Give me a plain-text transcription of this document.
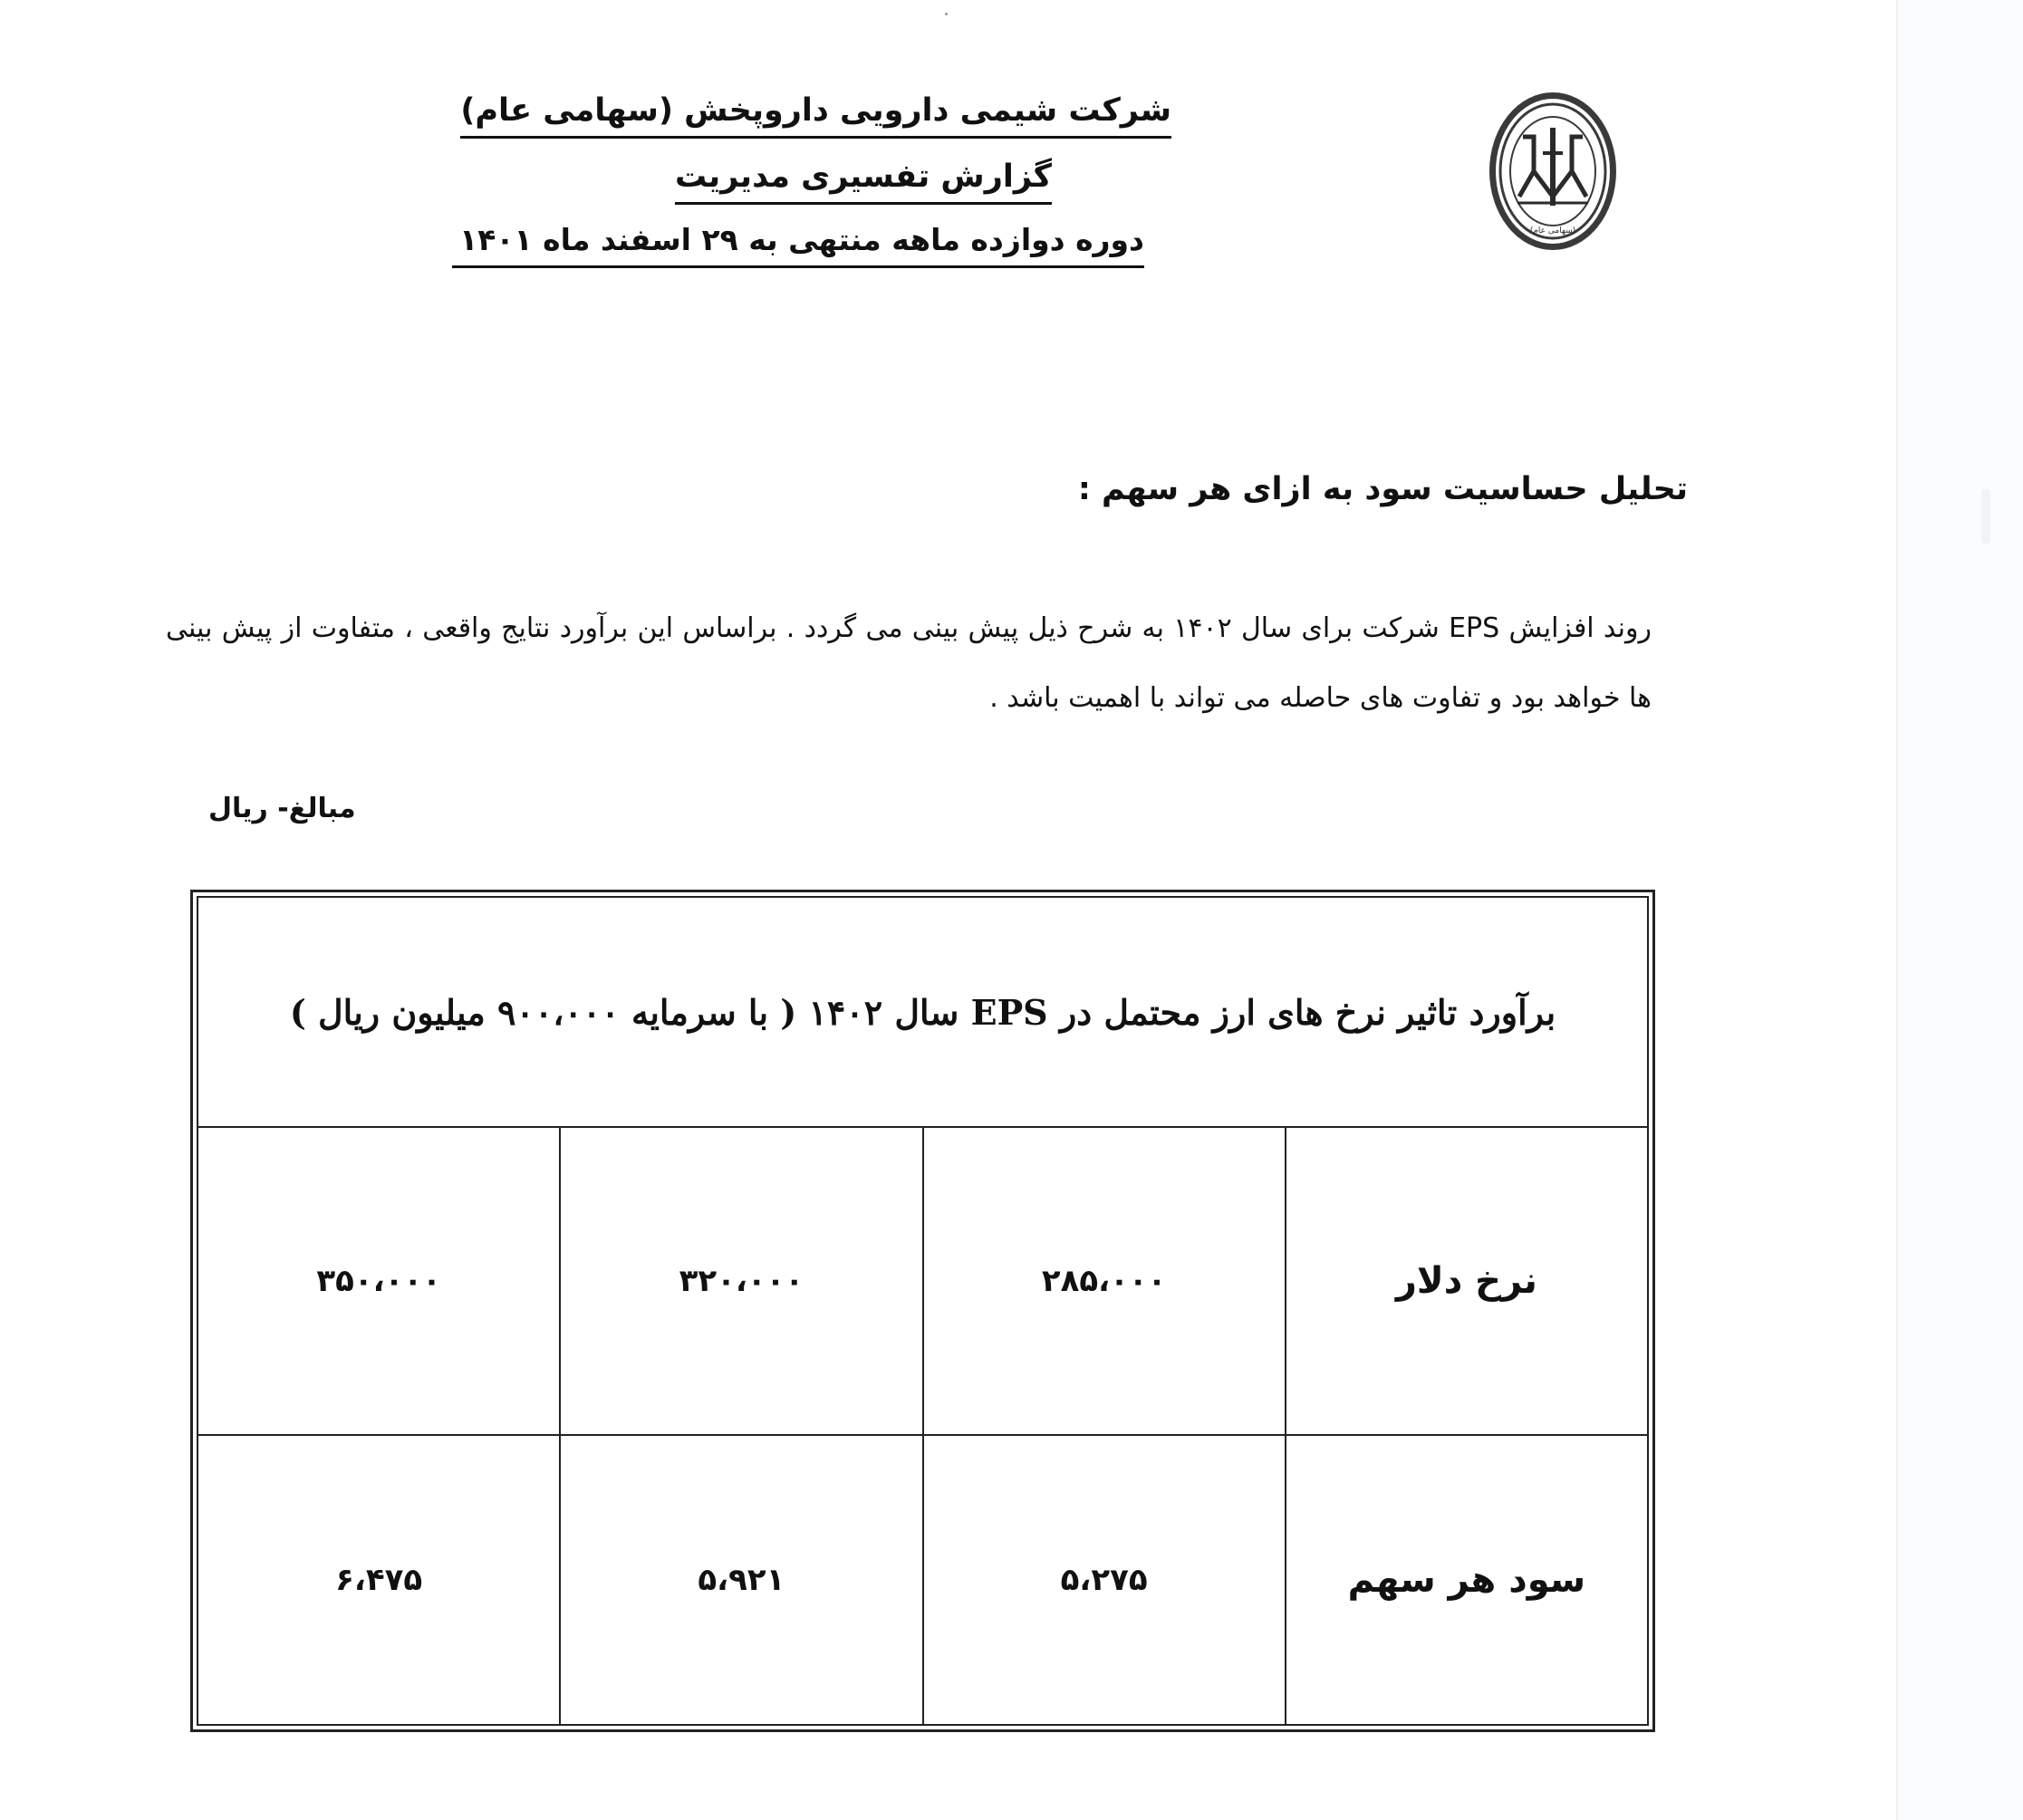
(سهامی عام)
شرکت شیمی دارویی داروپخش (سهامی عام)
گزارش تفسیری مدیریت
دوره دوازده ماهه منتهی به ۲۹ اسفند ماه ۱۴۰۱
تحلیل حساسیت سود به ازای هر سهم :
روند افزایش EPS شرکت برای سال ۱۴۰۲ به شرح ذیل پیش بینی می گردد . براساس این برآورد نتایج واقعی ، متفاوت از پیش بینی ها خواهد بود و تفاوت های حاصله می تواند با اهمیت باشد .
مبالغ- ریال
برآورد تاثیر نرخ های ارز محتمل در EPS سال ۱۴۰۲ ( با سرمایه ۹۰۰،۰۰۰ میلیون ریال )			
نرخ دلار	۲۸۵،۰۰۰	۳۲۰،۰۰۰	۳۵۰،۰۰۰
سود هر سهم	۵،۲۷۵	۵،۹۲۱	۶،۴۷۵
